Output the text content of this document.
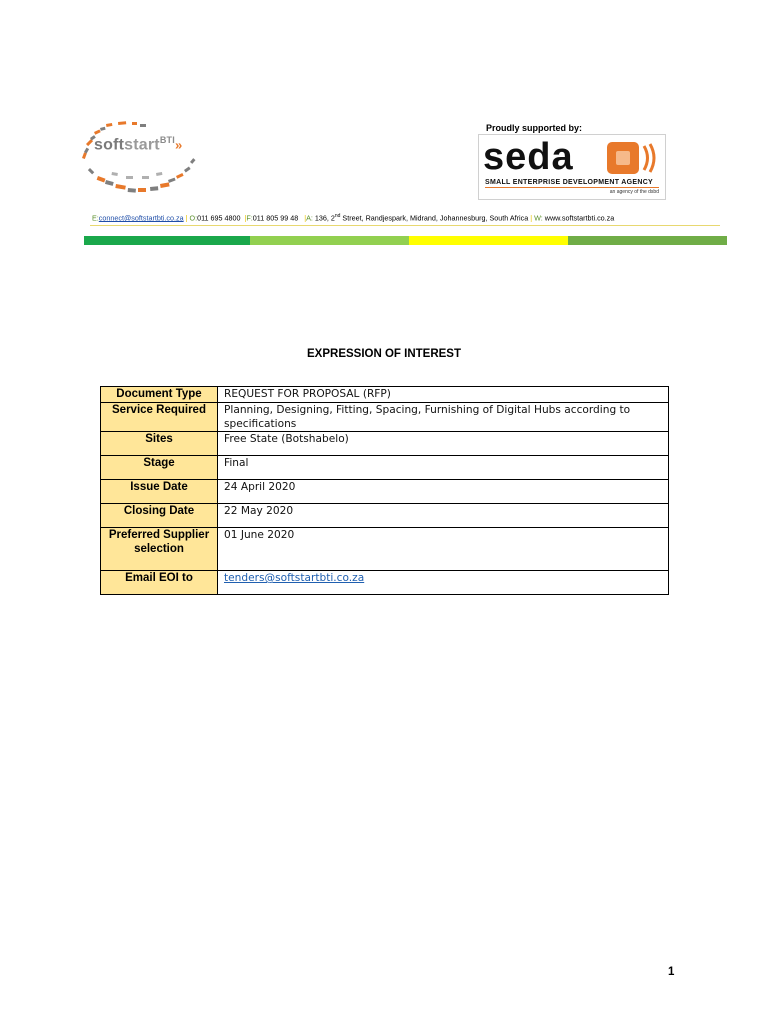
softstart$^{BTI}$»
Proudly supported by:
seda
SMALL ENTERPRISE DEVELOPMENT AGENCY
an agency of the dsbd
E:connect@softstartbti.co.za | O:011 695 4800 |F:011 805 99 48 |A: 136, 2nd Street, Randjespark, Midrand, Johannesburg, South Africa | W: www.softstartbti.co.za
EXPRESSION OF INTEREST
Document Type	REQUEST FOR PROPOSAL (RFP)
Service Required	Planning, Designing, Fitting, Spacing, Furnishing of Digital Hubs according to specifications
Sites	Free State (Botshabelo)
Stage	Final
Issue Date	24 April 2020
Closing Date	22 May 2020
Preferred Supplier selection	01 June 2020
Email EOI to	tenders@softstartbti.co.za
1
